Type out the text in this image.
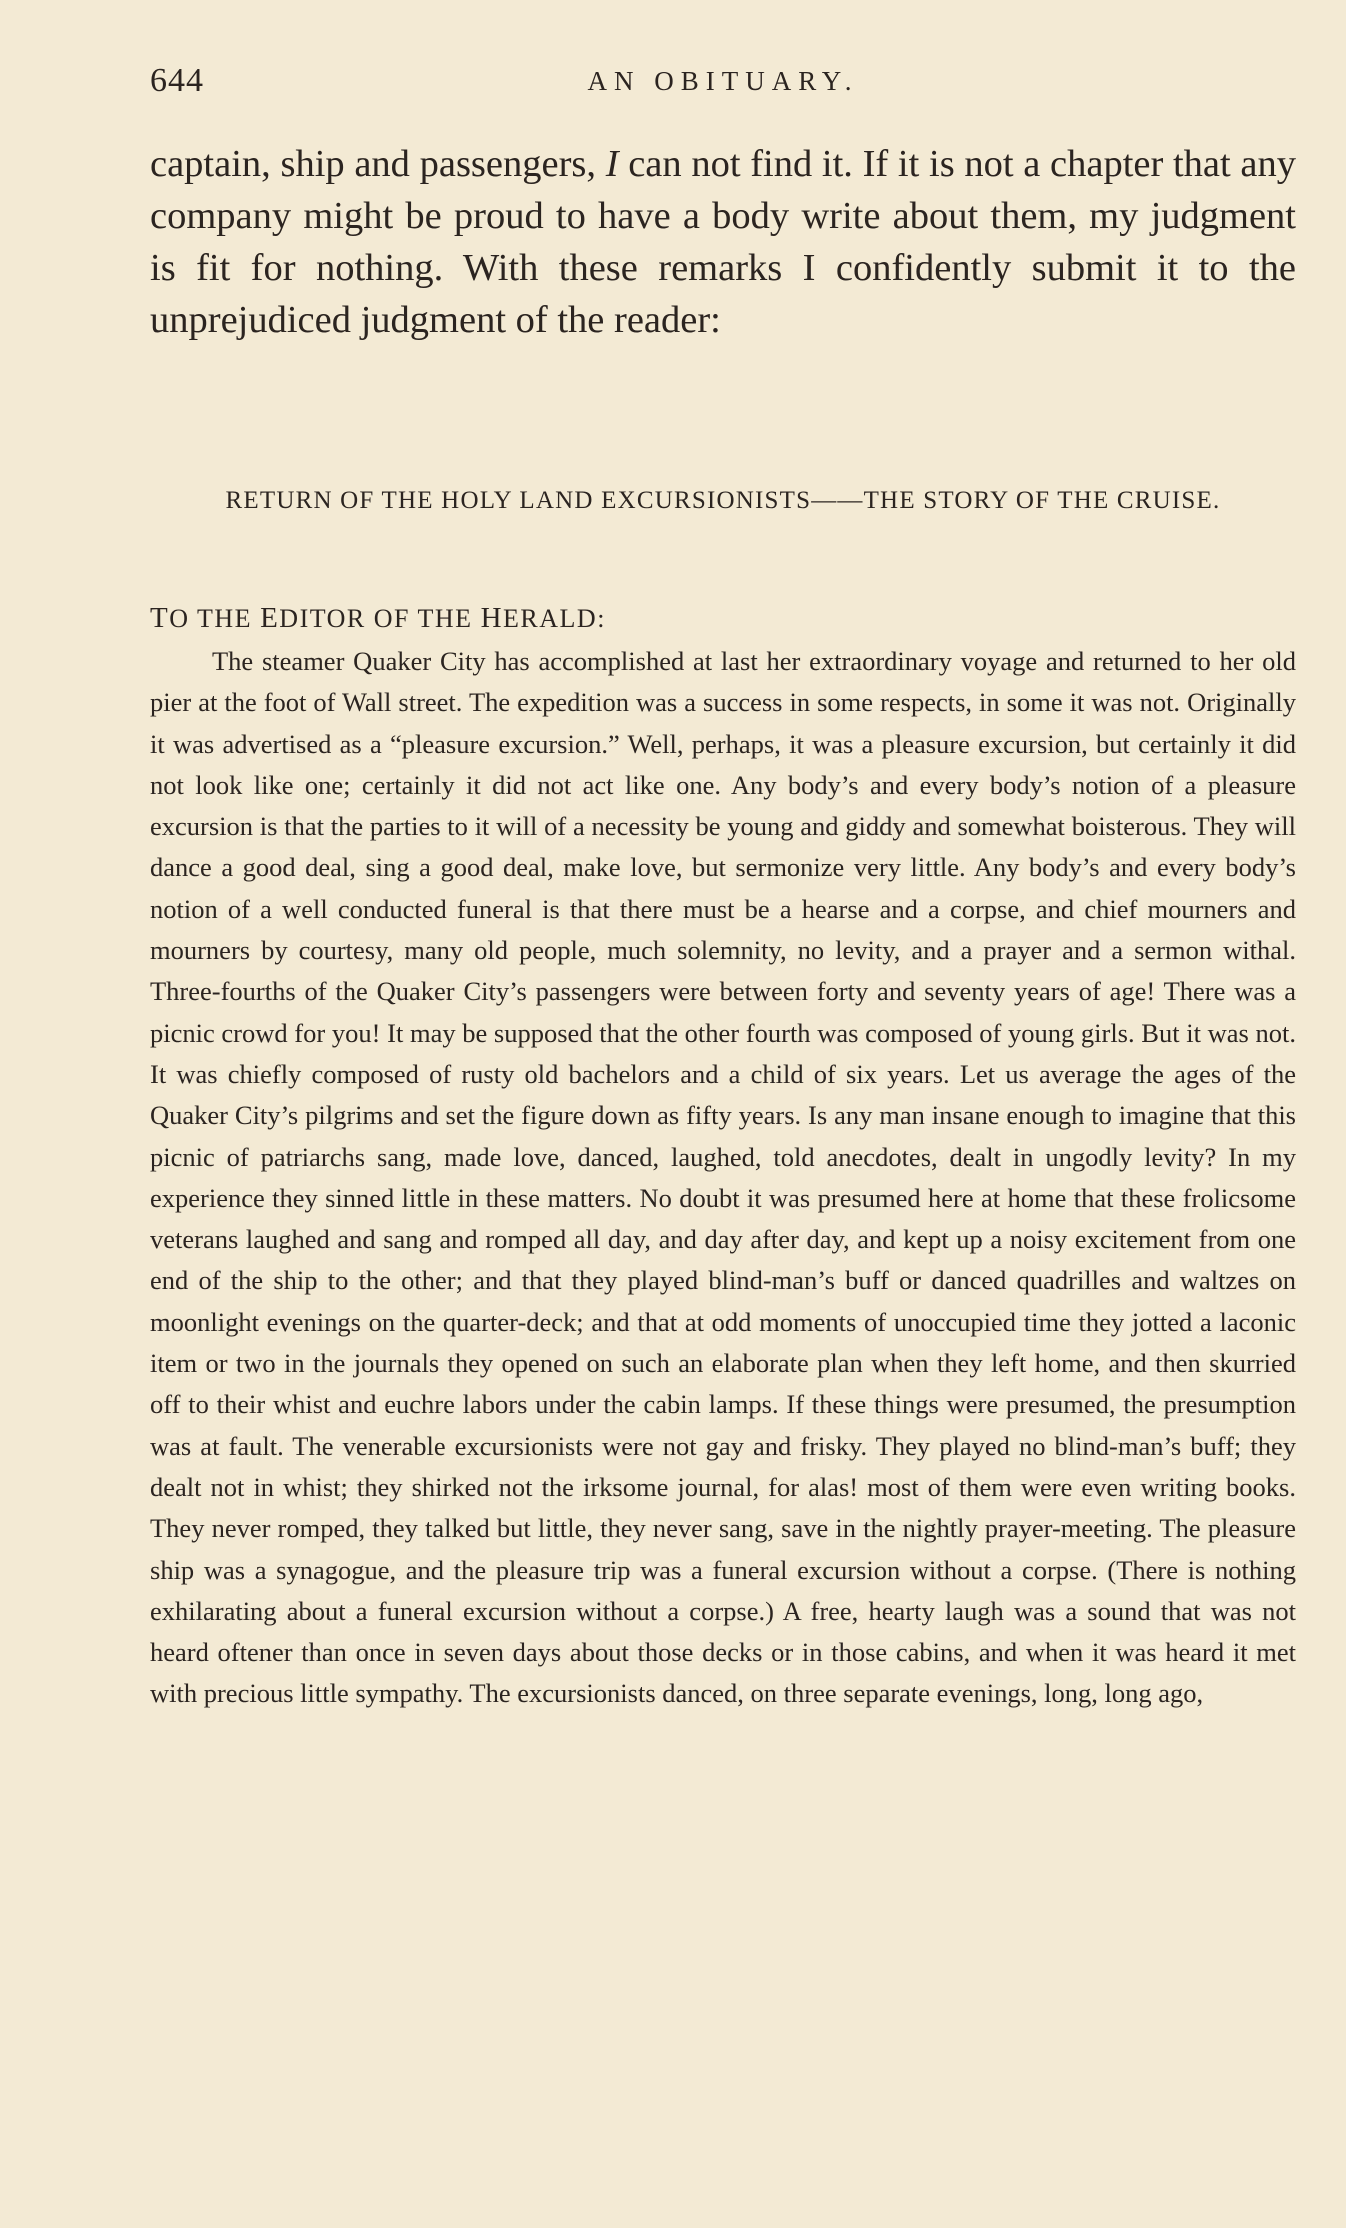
644	AN OBITUARY.

captain, ship and passengers, I can not find it. If it is not a chapter that any company might be proud to have a body write about them, my judgment is fit for nothing. With these remarks I confidently submit it to the unprejudiced judgment of the reader:

RETURN OF THE HOLY LAND EXCURSIONISTS——THE STORY OF THE CRUISE.

TO THE EDITOR OF THE HERALD:

The steamer Quaker City has accomplished at last her extraordinary voyage and returned to her old pier at the foot of Wall street. The expedition was a success in some respects, in some it was not. Originally it was advertised as a “pleasure excursion.” Well, perhaps, it was a pleasure excursion, but certainly it did not look like one; certainly it did not act like one. Any body’s and every body’s notion of a pleasure excursion is that the parties to it will of a necessity be young and giddy and somewhat boisterous. They will dance a good deal, sing a good deal, make love, but sermonize very little. Any body’s and every body’s notion of a well conducted funeral is that there must be a hearse and a corpse, and chief mourners and mourners by courtesy, many old people, much solemnity, no levity, and a prayer and a sermon withal. Three-fourths of the Quaker City’s passengers were between forty and seventy years of age! There was a picnic crowd for you! It may be supposed that the other fourth was composed of young girls. But it was not. It was chiefly composed of rusty old bachelors and a child of six years. Let us average the ages of the Quaker City’s pilgrims and set the figure down as fifty years. Is any man insane enough to imagine that this picnic of patriarchs sang, made love, danced, laughed, told anecdotes, dealt in ungodly levity? In my experience they sinned little in these matters. No doubt it was presumed here at home that these frolicsome veterans laughed and sang and romped all day, and day after day, and kept up a noisy excitement from one end of the ship to the other; and that they played blind-man’s buff or danced quadrilles and waltzes on moonlight evenings on the quarter-deck; and that at odd moments of unoccupied time they jotted a laconic item or two in the journals they opened on such an elaborate plan when they left home, and then skurried off to their whist and euchre labors under the cabin lamps. If these things were presumed, the presumption was at fault. The venerable excursionists were not gay and frisky. They played no blind-man’s buff; they dealt not in whist; they shirked not the irksome journal, for alas! most of them were even writing books. They never romped, they talked but little, they never sang, save in the nightly prayer-meeting. The pleasure ship was a synagogue, and the pleasure trip was a funeral excursion without a corpse. (There is nothing exhilarating about a funeral excursion without a corpse.) A free, hearty laugh was a sound that was not heard oftener than once in seven days about those decks or in those cabins, and when it was heard it met with precious little sympathy. The excursionists danced, on three separate evenings, long, long ago,
